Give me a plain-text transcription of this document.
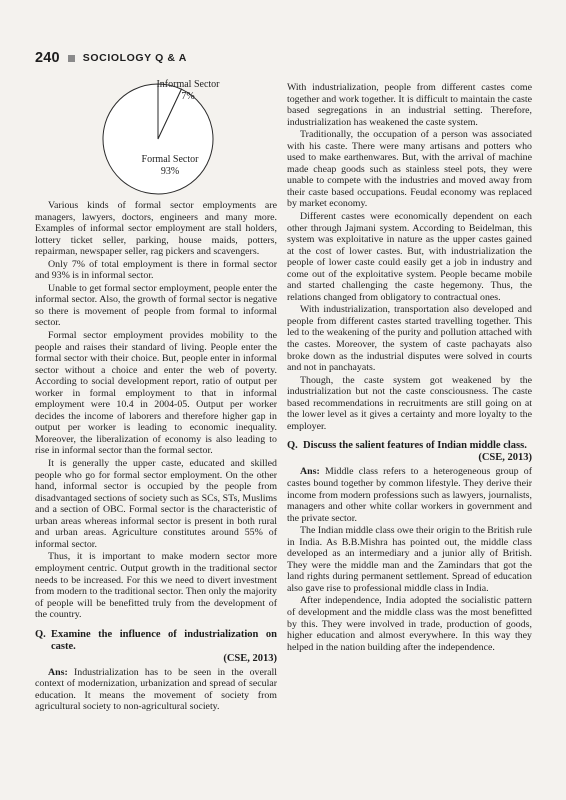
240 SOCIOLOGY Q & A
Informal Sector
7%
Formal Sector
93%

Various kinds of formal sector employments are managers, lawyers, doctors, engineers and many more. Examples of informal sector employment are stall holders, lottery ticket seller, parking, house maids, potters, repairman, newspaper seller, rag pickers and scavengers.

Only 7% of total employment is there in formal sector and 93% is in informal sector.

Unable to get formal sector employment, people enter the informal sector. Also, the growth of formal sector is negative so there is movement of people from formal to informal sector.

Formal sector employment provides mobility to the people and raises their standard of living. People enter the formal sector with their choice. But, people enter in informal sector without a choice and enter the web of poverty. According to social development report, ratio of output per worker in formal employment to that in informal employment were 10.4 in 2004-05. Output per worker decides the income of laborers and therefore higher gap in output per worker is leading to economic inequality. Moreover, the liberalization of economy is also leading to rise in informal sector than the formal sector.

It is generally the upper caste, educated and skilled people who go for formal sector employment. On the other hand, informal sector is occupied by the people from disadvantaged sections of society such as SCs, STs, Muslims and a section of OBC. Formal sector is the characteristic of urban areas whereas informal sector is present in both rural and urban areas. Agriculture constitutes around 55% of informal sector.

Thus, it is important to make modern sector more employment centric. Output growth in the traditional sector needs to be increased. For this we need to divert investment from modern to the traditional sector. Then only the majority of people will be benefitted truly from the development of the country.

Q. Examine the influence of industrialization on caste.
(CSE, 2013)

Ans: Industrialization has to be seen in the overall context of modernization, urbanization and spread of secular education. It means the movement of society from agricultural society to non-agricultural society.

With industrialization, people from different castes come together and work together. It is difficult to maintain the caste based segregations in an industrial setting. Therefore, industrialization has weakened the caste system.

Traditionally, the occupation of a person was associated with his caste. There were many artisans and potters who used to make earthenwares. But, with the arrival of machine made cheap goods such as stainless steel pots, they were unable to compete with the industries and moved away from their caste based occupations. Feudal economy was replaced by market economy.

Different castes were economically dependent on each other through Jajmani system. According to Beidelman, this system was exploitative in nature as the upper castes gained at the cost of lower castes. But, with industrialization the people of lower caste could easily get a job in industry and come out of the exploitative system. People became mobile and started challenging the caste hegemony. Thus, the relations changed from obligatory to contractual ones.

With industrialization, transportation also developed and people from different castes started travelling together. This led to the weakening of the purity and pollution attached with the castes. Moreover, the system of caste pachayats also broke down as the industrial disputes were solved in courts and not in panchayats.

Though, the caste system got weakened by the industrialization but not the caste consciousness. The caste based recommendations in recruitments are still going on at the lower level as it gives a certainty and more loyalty to the employer.

Q. Discuss the salient features of Indian middle class.
(CSE, 2013)

Ans: Middle class refers to a heterogeneous group of castes bound together by common lifestyle. They derive their income from modern professions such as lawyers, journalists, managers and other white collar workers in government and the private sector.

The Indian middle class owe their origin to the British rule in India. As B.B.Mishra has pointed out, the middle class developed as an intermediary and a junior ally of British. They were the middle man and the Zamindars that got the land rights during permanent settlement. Spread of education also gave rise to professional middle class in India.

After independence, India adopted the socialistic pattern of development and the middle class was the most benefitted by this. They were involved in trade, production of goods, higher education and almost everywhere. In this way they helped in the nation building after the independence.
